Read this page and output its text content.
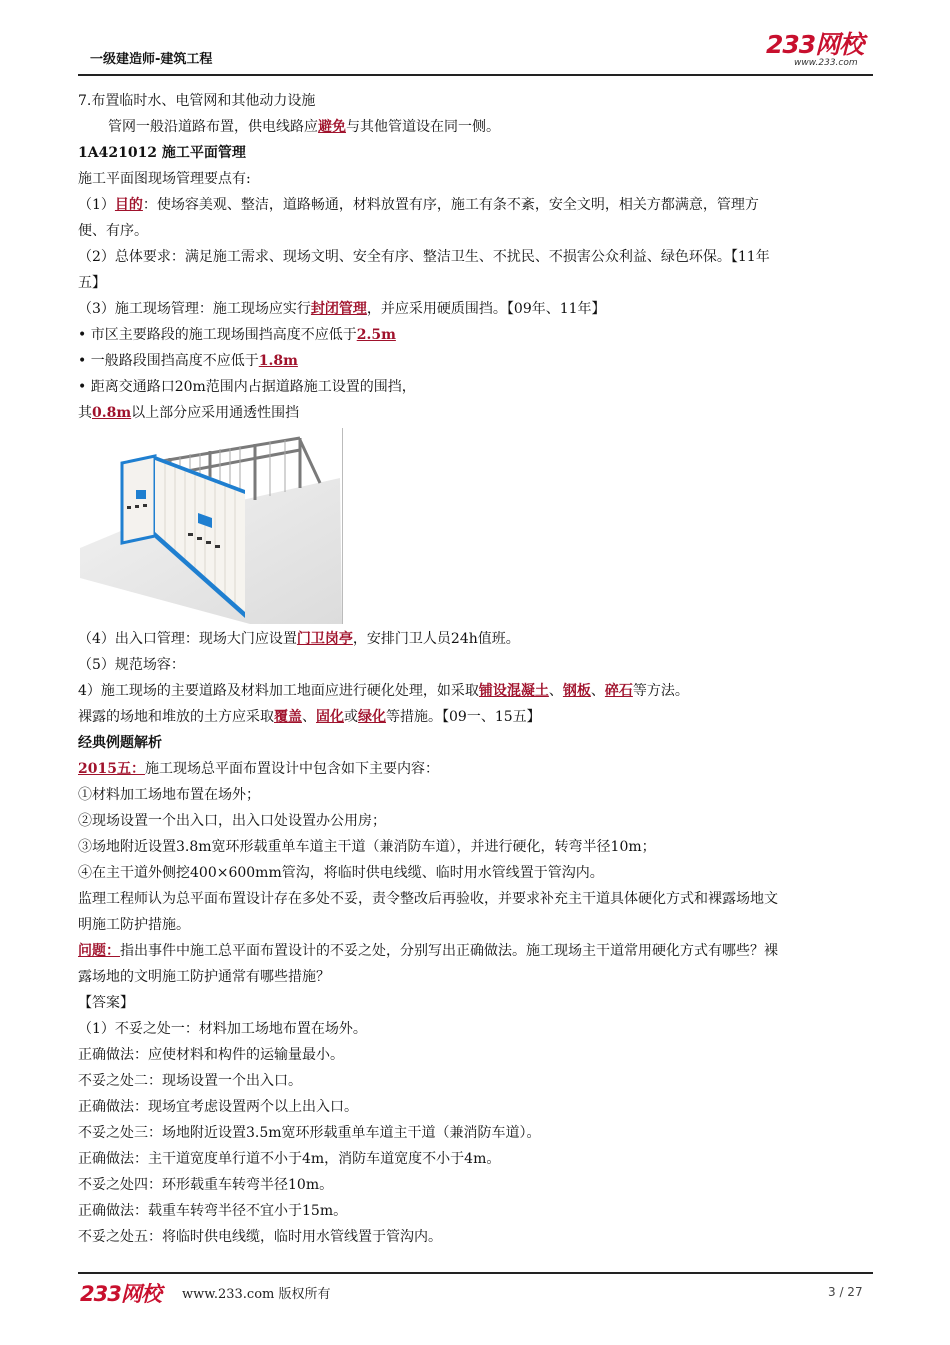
一级建造师-建筑工程
233网校
www.233.com
7.布置临时水、电管网和其他动力设施
管网一般沿道路布置，供电线路应避免与其他管道设在同一侧。
1A421012 施工平面管理
施工平面图现场管理要点有:
（1）目的：使场容美观、整洁，道路畅通，材料放置有序，施工有条不紊，安全文明，相关方都满意，管理方
便、有序。
（2）总体要求：满足施工需求、现场文明、安全有序、整洁卫生、不扰民、不损害公众利益、绿色环保。【11年
五】
（3）施工现场管理：施工现场应实行封闭管理，并应采用硬质围挡。【09年、11年】
• 市区主要路段的施工现场围挡高度不应低于2.5m
• 一般路段围挡高度不应低于1.8m
• 距离交通路口20m范围内占据道路施工设置的围挡，
其0.8m以上部分应采用通透性围挡
（4）出入口管理：现场大门应设置门卫岗亭，安排门卫人员24h值班。
（5）规范场容：
4）施工现场的主要道路及材料加工地面应进行硬化处理，如采取铺设混凝土、钢板、碎石等方法。
裸露的场地和堆放的土方应采取覆盖、固化或绿化等措施。【09一、15五】
经典例题解析
2015五：施工现场总平面布置设计中包含如下主要内容：
①材料加工场地布置在场外；
②现场设置一个出入口，出入口处设置办公用房；
③场地附近设置3.8m宽环形载重单车道主干道（兼消防车道），并进行硬化，转弯半径10m；
④在主干道外侧挖400×600mm管沟，将临时供电线缆、临时用水管线置于管沟内。
监理工程师认为总平面布置设计存在多处不妥，责令整改后再验收，并要求补充主干道具体硬化方式和裸露场地文
明施工防护措施。
问题：指出事件中施工总平面布置设计的不妥之处，分别写出正确做法。施工现场主干道常用硬化方式有哪些？裸
露场地的文明施工防护通常有哪些措施？
【答案】
（1）不妥之处一：材料加工场地布置在场外。
正确做法：应使材料和构件的运输量最小。
不妥之处二：现场设置一个出入口。
正确做法：现场宜考虑设置两个以上出入口。
不妥之处三：场地附近设置3.5m宽环形载重单车道主干道（兼消防车道）。
正确做法：主干道宽度单行道不小于4m，消防车道宽度不小于4m。
不妥之处四：环形载重车转弯半径10m。
正确做法：载重车转弯半径不宜小于15m。
不妥之处五：将临时供电线缆，临时用水管线置于管沟内。
233网校 www.233.com 版权所有	3 / 27
